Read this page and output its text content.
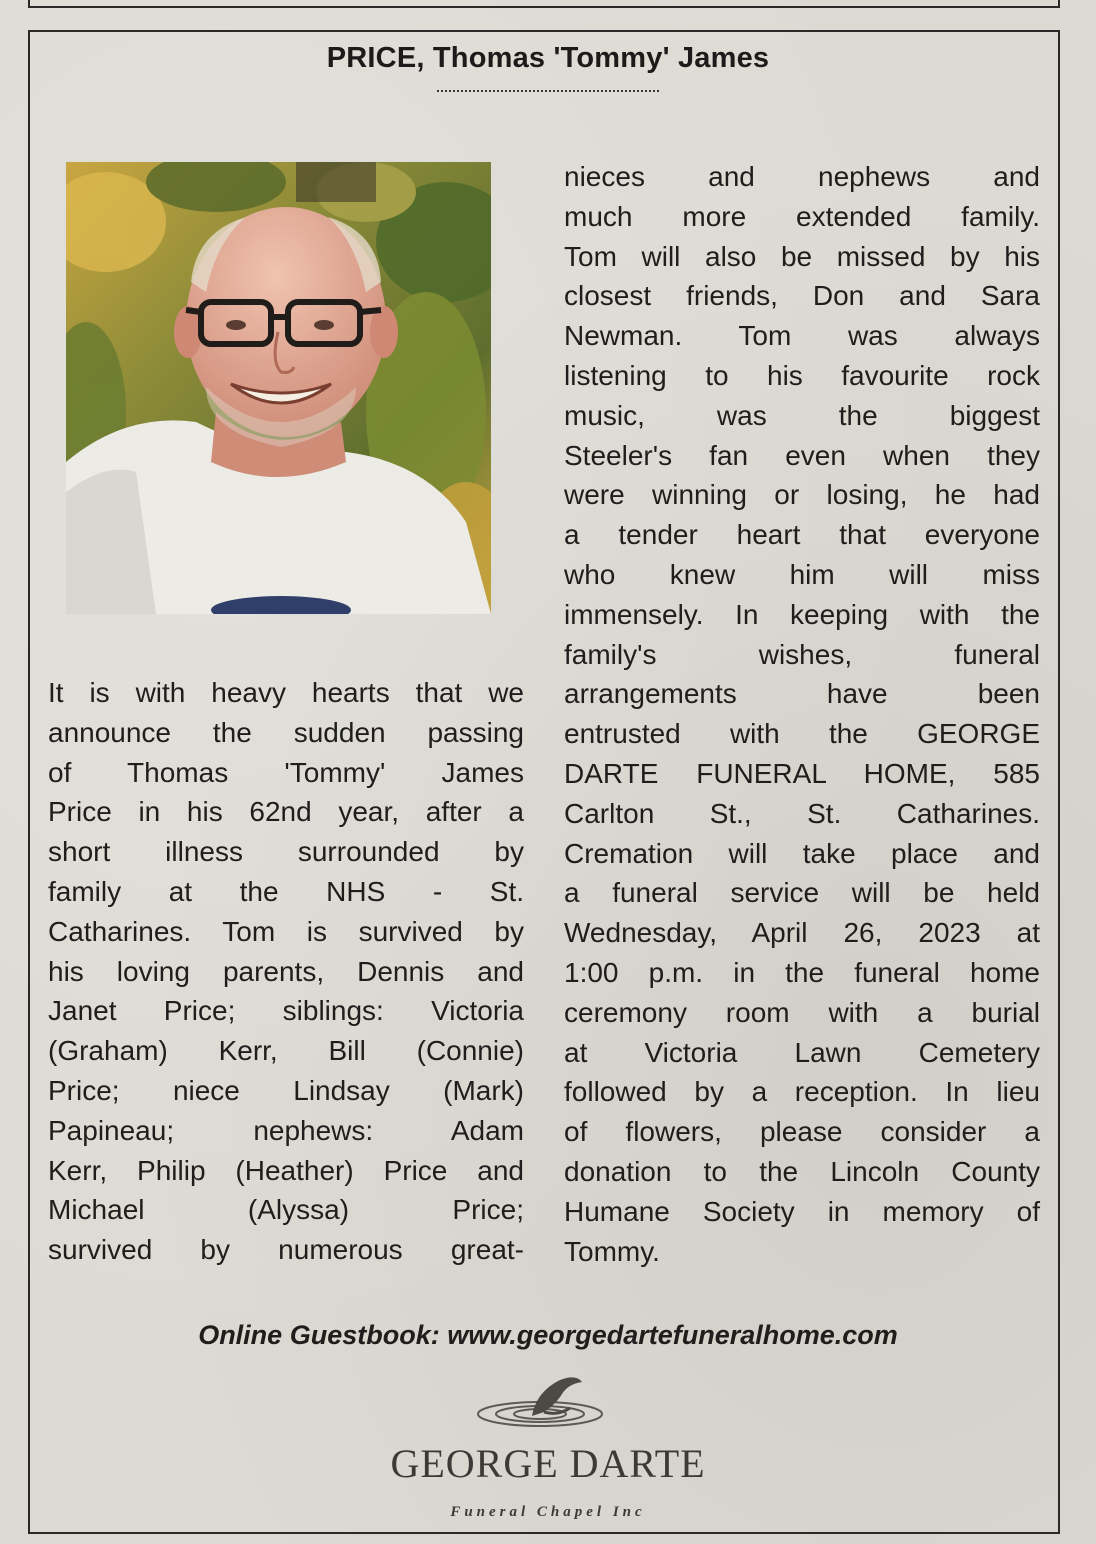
PRICE, Thomas 'Tommy' James
It is with heavy hearts that we
announce the sudden passing
of Thomas 'Tommy' James
Price in his 62nd year, after a
short illness surrounded by
family at the NHS - St.
Catharines. Tom is survived by
his loving parents, Dennis and
Janet Price; siblings: Victoria
(Graham) Kerr, Bill (Connie)
Price; niece Lindsay (Mark)
Papineau; nephews: Adam
Kerr, Philip (Heather) Price and
Michael (Alyssa) Price;
survived by numerous great-
nieces and nephews and
much more extended family.
Tom will also be missed by his
closest friends, Don and Sara
Newman. Tom was always
listening to his favourite rock
music, was the biggest
Steeler's fan even when they
were winning or losing, he had
a tender heart that everyone
who knew him will miss
immensely. In keeping with the
family's wishes, funeral
arrangements have been
entrusted with the GEORGE
DARTE FUNERAL HOME, 585
Carlton St., St. Catharines.
Cremation will take place and
a funeral service will be held
Wednesday, April 26, 2023 at
1:00 p.m. in the funeral home
ceremony room with a burial
at Victoria Lawn Cemetery
followed by a reception. In lieu
of flowers, please consider a
donation to the Lincoln County
Humane Society in memory of
Tommy.
Online Guestbook: www.georgedartefuneralhome.com
GEORGE DARTE
Funeral Chapel Inc
